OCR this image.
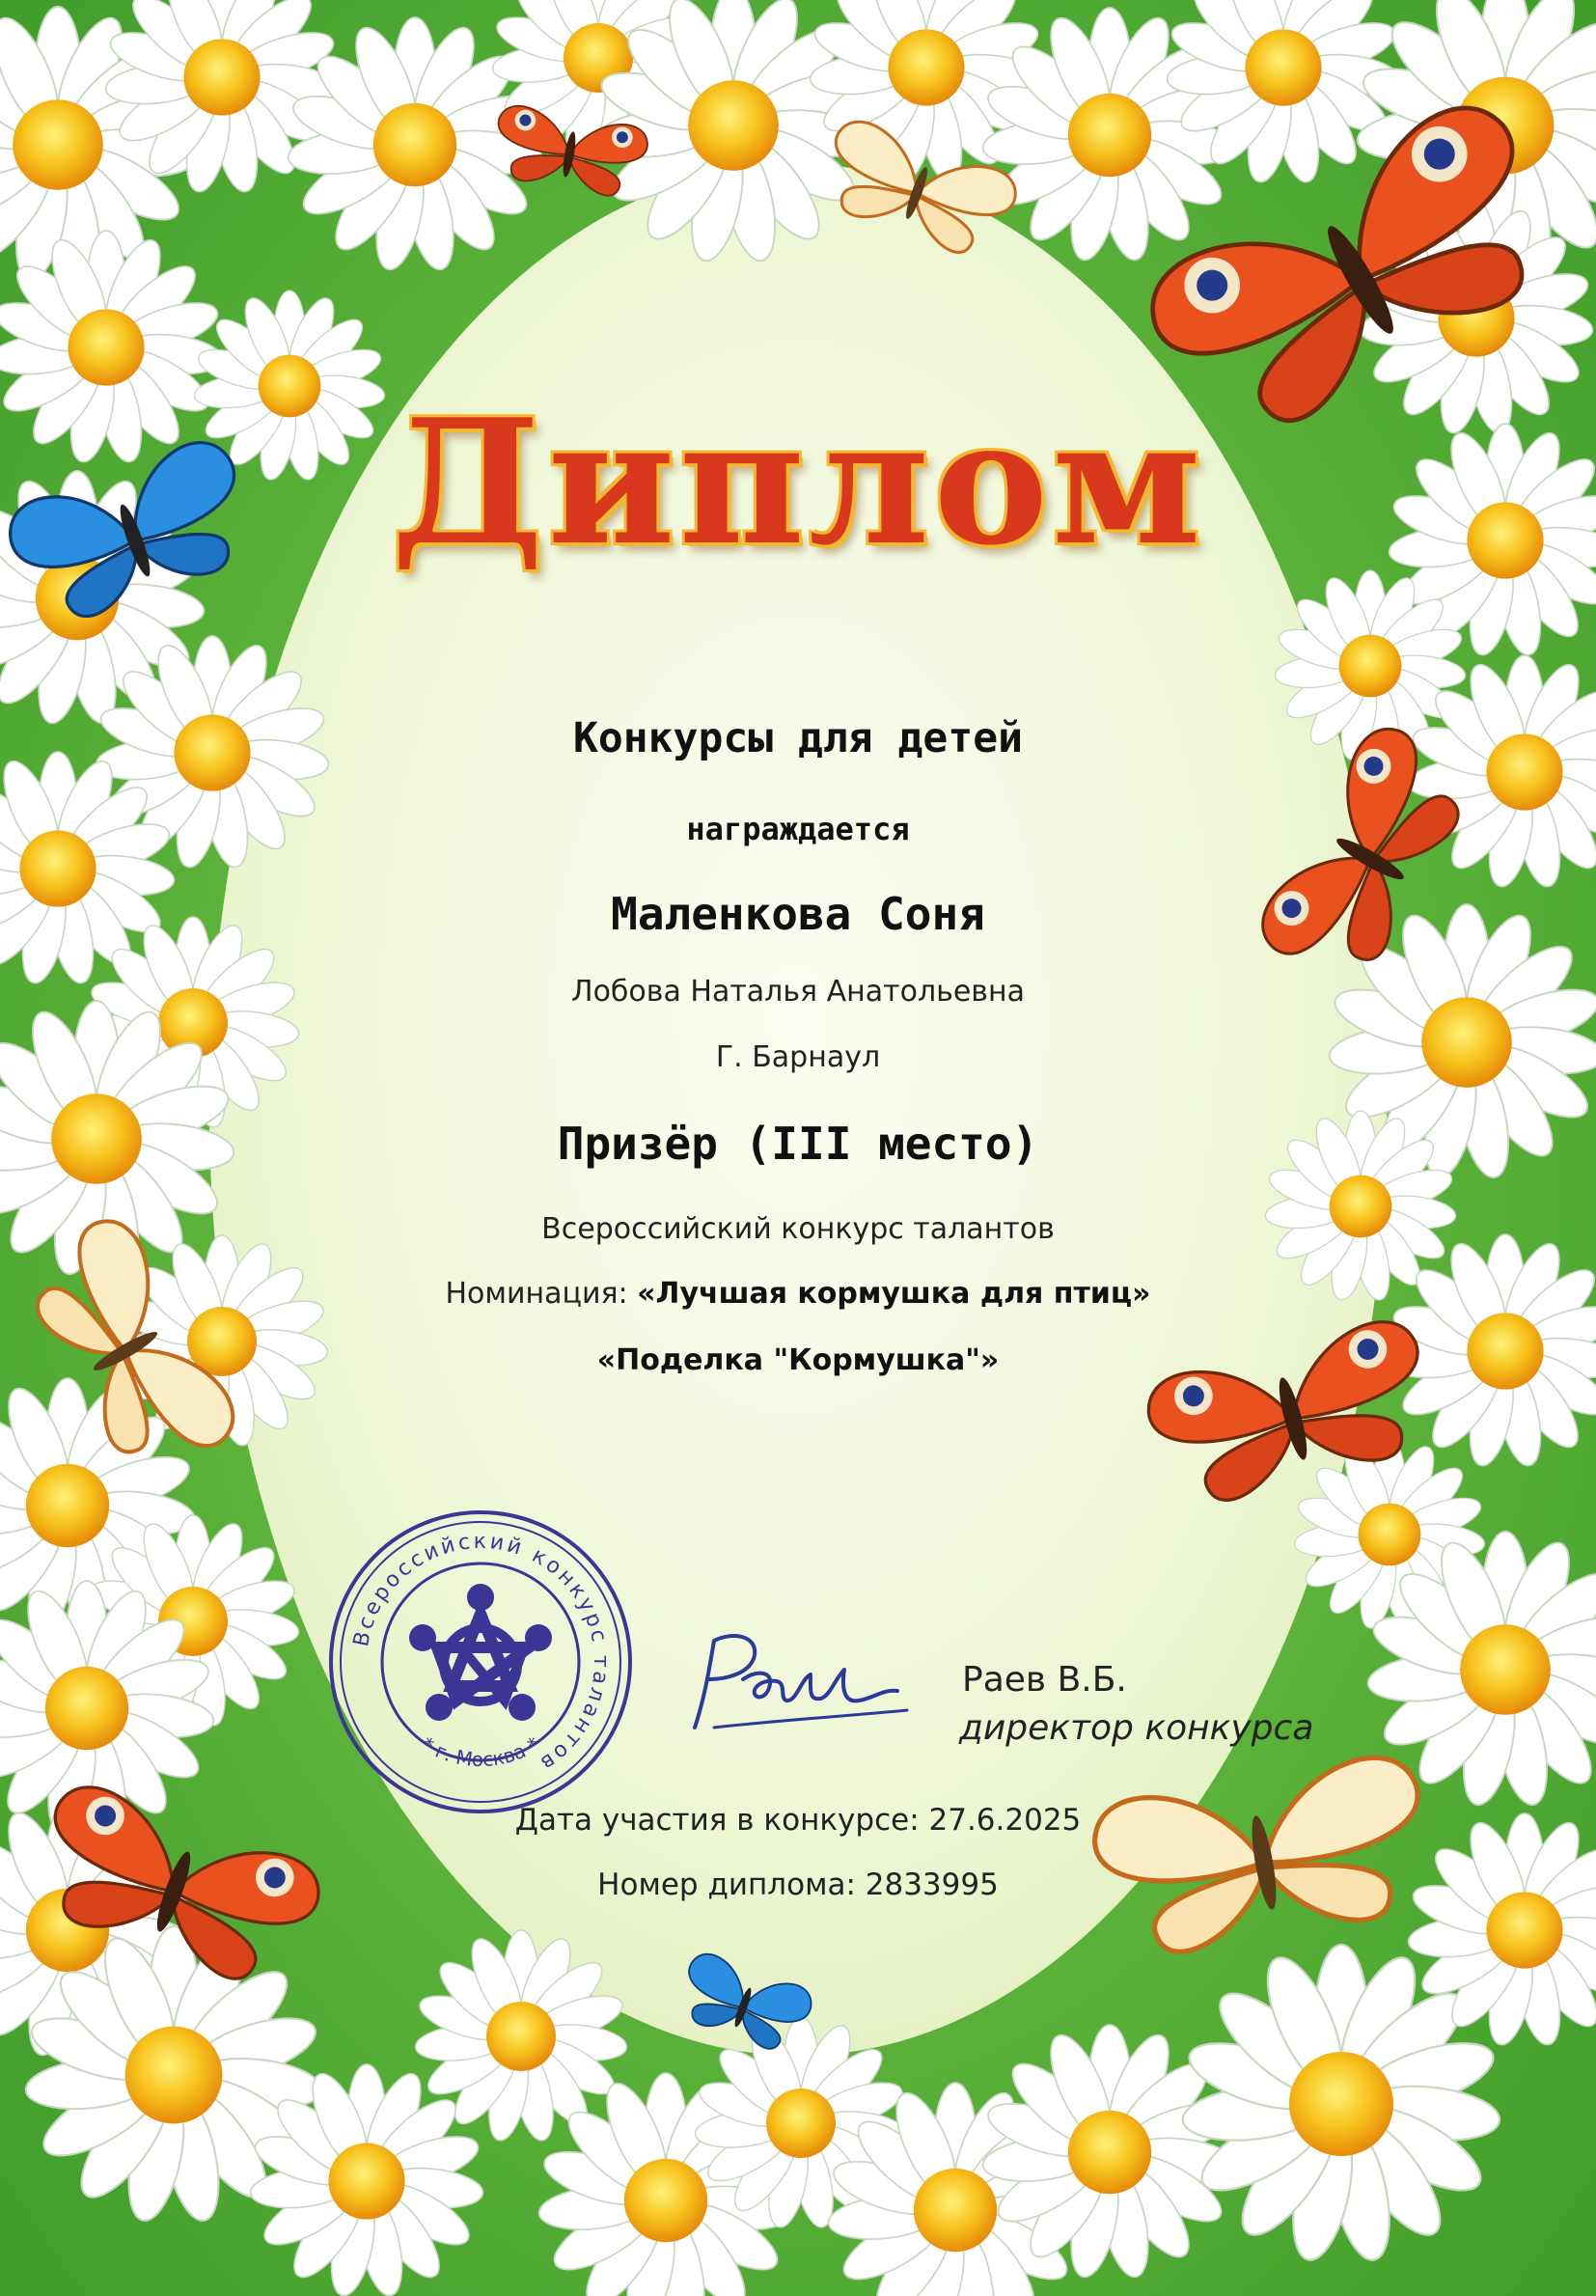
Диплом
Конкурсы для детей
награждается
Маленкова Соня
Лобова Наталья Анатольевна
Г. Барнаул
Призёр (III место)
Всероссийский конкурс талантов
Номинация: «Лучшая кормушка для птиц»
«Поделка "Кормушка"»
Всероссийский конкурс талантов
* г. Москва *
Раев В.Б.
директор конкурса
Дата участия в конкурсе: 27.6.2025
Номер диплома: 2833995
